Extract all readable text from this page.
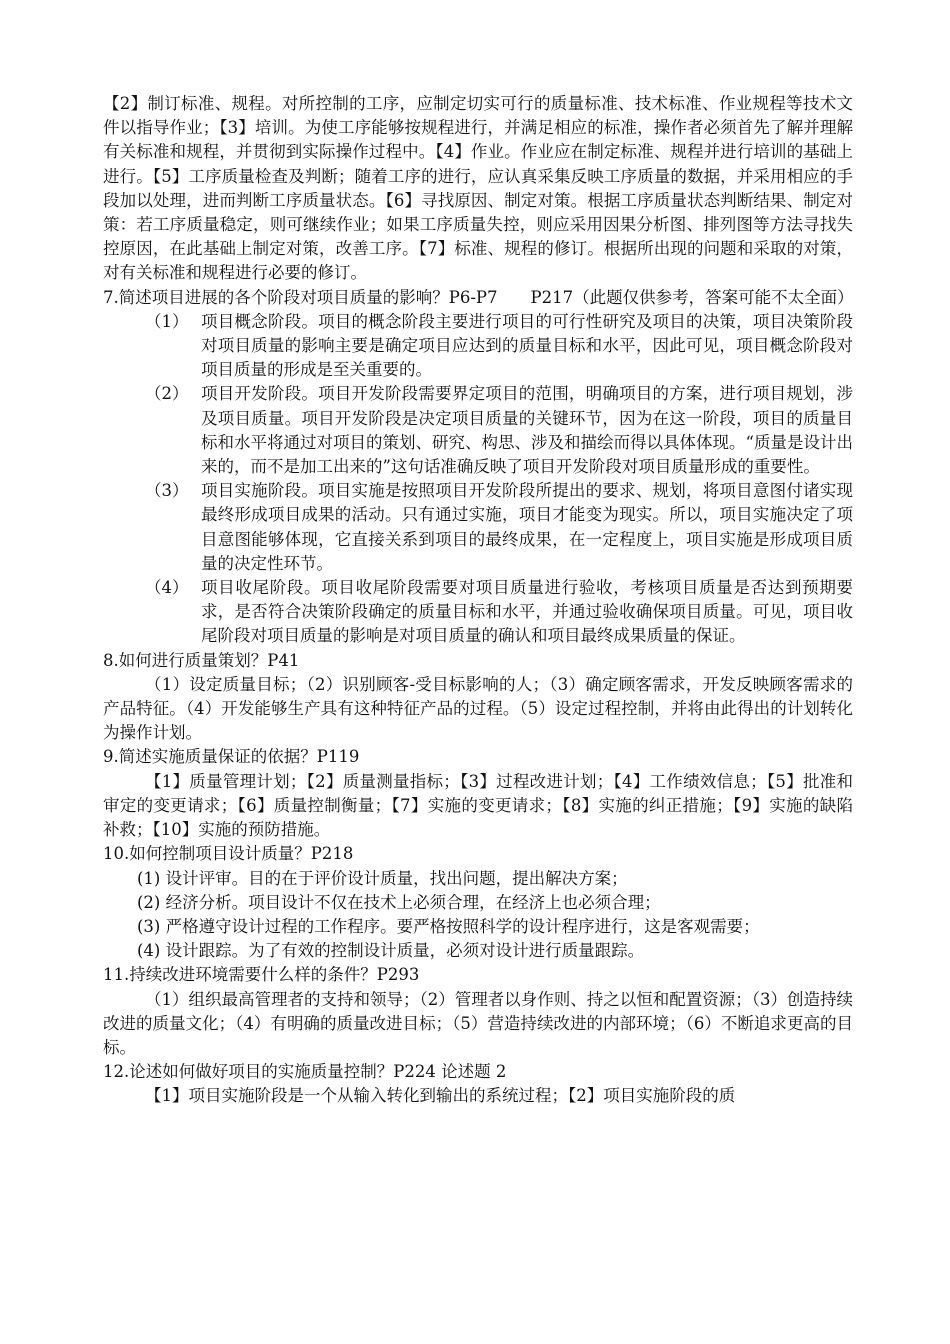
【2】制订标准、规程。对所控制的工序，应制定切实可行的质量标准、技术标准、作业规程等技术文件以指导作业；【3】培训。为使工序能够按规程进行，并满足相应的标准，操作者必须首先了解并理解有关标准和规程，并贯彻到实际操作过程中。【4】作业。作业应在制定标准、规程并进行培训的基础上进行。【5】工序质量检查及判断；随着工序的进行，应认真采集反映工序质量的数据，并采用相应的手段加以处理，进而判断工序质量状态。【6】寻找原因、制定对策。根据工序质量状态判断结果、制定对策：若工序质量稳定，则可继续作业；如果工序质量失控，则应采用因果分析图、排列图等方法寻找失控原因，在此基础上制定对策，改善工序。【7】标准、规程的修订。根据所出现的问题和采取的对策，对有关标准和规程进行必要的修订。

7.简述项目进展的各个阶段对项目质量的影响？P6-P7　　P217（此题仅供参考，答案可能不太全面）

（1） 项目概念阶段。项目的概念阶段主要进行项目的可行性研究及项目的决策，项目决策阶段对项目质量的影响主要是确定项目应达到的质量目标和水平，因此可见，项目概念阶段对项目质量的形成是至关重要的。
（2） 项目开发阶段。项目开发阶段需要界定项目的范围，明确项目的方案，进行项目规划，涉及项目质量。项目开发阶段是决定项目质量的关键环节，因为在这一阶段，项目的质量目标和水平将通过对项目的策划、研究、构思、涉及和描绘而得以具体体现。“质量是设计出来的，而不是加工出来的”这句话准确反映了项目开发阶段对项目质量形成的重要性。
（3） 项目实施阶段。项目实施是按照项目开发阶段所提出的要求、规划，将项目意图付诸实现最终形成项目成果的活动。只有通过实施，项目才能变为现实。所以，项目实施决定了项目意图能够体现，它直接关系到项目的最终成果，在一定程度上，项目实施是形成项目质量的决定性环节。
（4） 项目收尾阶段。项目收尾阶段需要对项目质量进行验收，考核项目质量是否达到预期要求，是否符合决策阶段确定的质量目标和水平，并通过验收确保项目质量。可见，项目收尾阶段对项目质量的影响是对项目质量的确认和项目最终成果质量的保证。

8.如何进行质量策划？P41

（1）设定质量目标；（2）识别顾客-受目标影响的人；（3）确定顾客需求，开发反映顾客需求的产品特征。（4）开发能够生产具有这种特征产品的过程。（5）设定过程控制，并将由此得出的计划转化为操作计划。

9.简述实施质量保证的依据？P119

【1】质量管理计划；【2】质量测量指标；【3】过程改进计划；【4】工作绩效信息；【5】批准和审定的变更请求；【6】质量控制衡量；【7】实施的变更请求；【8】实施的纠正措施；【9】实施的缺陷补救；【10】实施的预防措施。

10.如何控制项目设计质量？P218

(1) 设计评审。目的在于评价设计质量，找出问题，提出解决方案；
(2) 经济分析。项目设计不仅在技术上必须合理，在经济上也必须合理；
(3) 严格遵守设计过程的工作程序。要严格按照科学的设计程序进行，这是客观需要；
(4) 设计跟踪。为了有效的控制设计质量，必须对设计进行质量跟踪。

11.持续改进环境需要什么样的条件？P293

（1）组织最高管理者的支持和领导；（2）管理者以身作则、持之以恒和配置资源；（3）创造持续改进的质量文化；（4）有明确的质量改进目标；（5）营造持续改进的内部环境；（6）不断追求更高的目标。

12.论述如何做好项目的实施质量控制？P224 论述题 2

【1】项目实施阶段是一个从输入转化到输出的系统过程；【2】项目实施阶段的质
